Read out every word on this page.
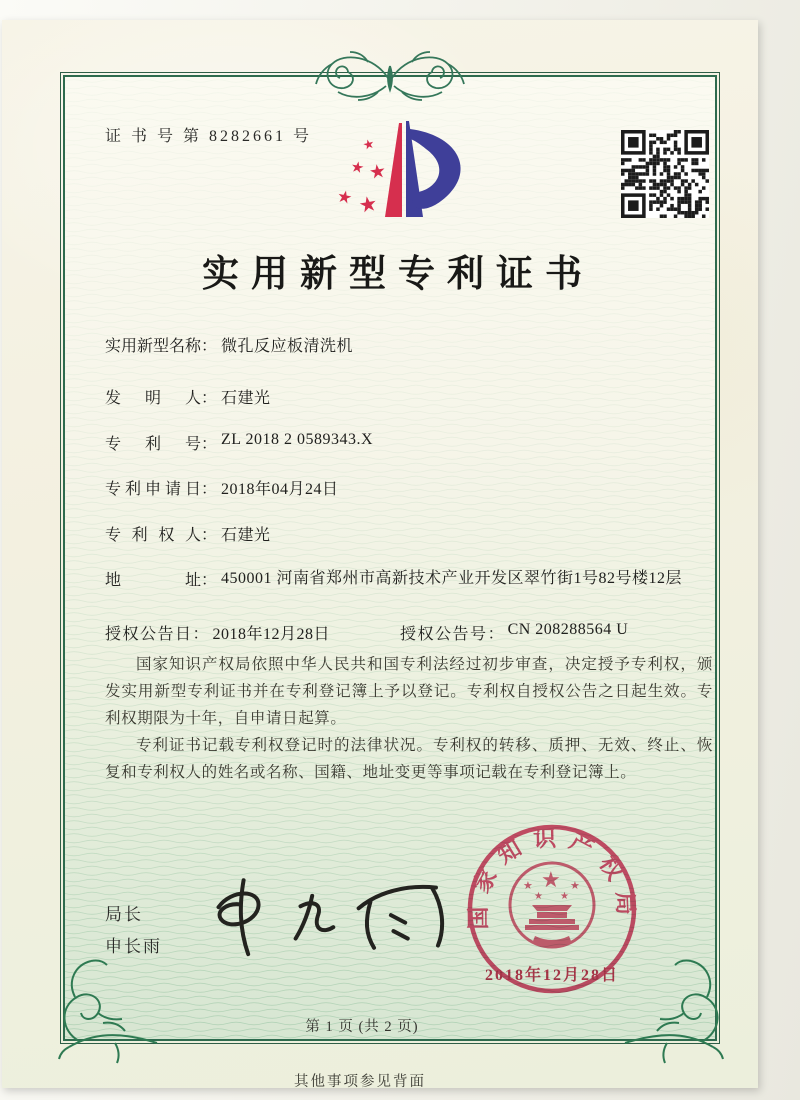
证 书 号 第 8282661 号
★
★ ★
★ ★
实用新型专利证书
实用新型名称： 微孔反应板清洗机
发明人： 石建光
专利号： ZL 2018 2 0589343.X
专利申请日： 2018年04月24日
专利权人： 石建光
地址： 450001 河南省郑州市高新技术产业开发区翠竹街1号82号楼12层
授权公告日： 2018年12月28日	授权公告号： CN 208288564 U

国家知识产权局依照中华人民共和国专利法经过初步审查，决定授予专利权，颁发实用新型专利证书并在专利登记簿上予以登记。专利权自授权公告之日起生效。专利权期限为十年，自申请日起算。

专利证书记载专利权登记时的法律状况。专利权的转移、质押、无效、终止、恢复和专利权人的姓名或名称、国籍、地址变更等事项记载在专利登记簿上。

局长
申长雨
国家知识产权局
★
★	★
★ ★
2018年12月28日
第 1 页 (共 2 页)
其他事项参见背面
